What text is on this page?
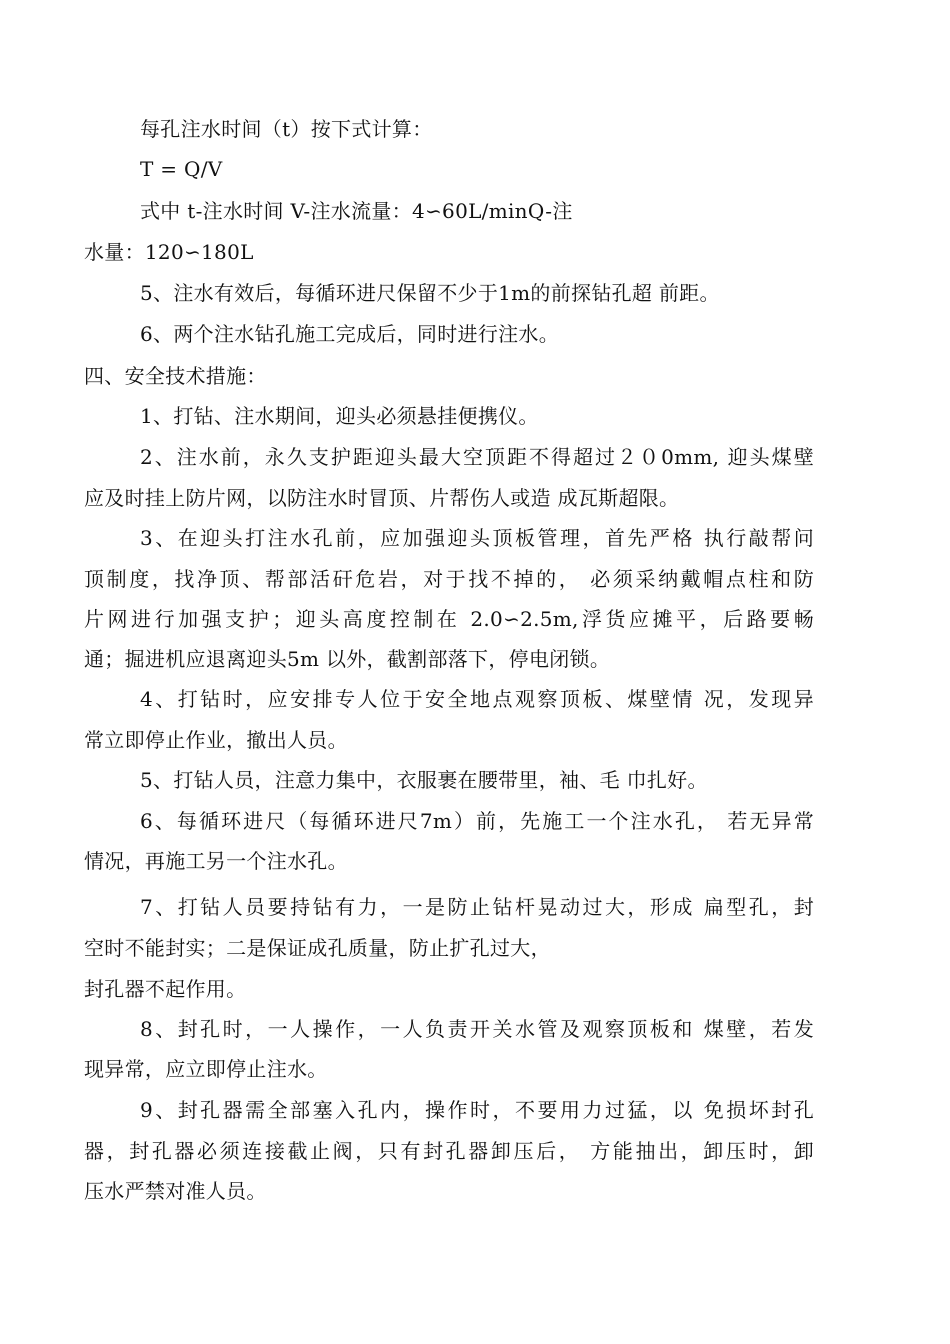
每孔注水时间（t）按下式计算：
T = Q/V
式中 t-注水时间 V-注水流量：4∽60L/minQ-注
水量：120∽180L
5、注水有效后，每循环进尺保留不少于1m的前探钻孔超 前距。
6、两个注水钻孔施工完成后，同时进行注水。
四、安全技术措施：
1、打钻、注水期间，迎头必须悬挂便携仪。
2、注水前，永久支护距迎头最大空顶距不得超过２０0mm, 迎头煤壁
应及时挂上防片网，以防注水时冒顶、片帮伤人或造 成瓦斯超限。
3、在迎头打注水孔前，应加强迎头顶板管理，首先严格 执行敲帮问
顶制度，找净顶、帮部活矸危岩，对于找不掉的， 必须采纳戴帽点柱和防
片网进行加强支护；迎头高度控制在 2.0∽2.5m,浮货应摊平，后路要畅
通；掘进机应退离迎头5m 以外，截割部落下，停电闭锁。
4、打钻时，应安排专人位于安全地点观察顶板、煤壁情 况，发现异
常立即停止作业，撤出人员。
5、打钻人员，注意力集中，衣服裹在腰带里，袖、毛 巾扎好。
6、每循环进尺（每循环进尺7m）前，先施工一个注水孔， 若无异常
情况，再施工另一个注水孔。
7、打钻人员要持钻有力，一是防止钻杆晃动过大，形成 扁型孔，封
空时不能封实；二是保证成孔质量，防止扩孔过大，
封孔器不起作用。
8、封孔时，一人操作，一人负责开关水管及观察顶板和 煤壁，若发
现异常，应立即停止注水。
9、封孔器需全部塞入孔内，操作时，不要用力过猛，以 免损坏封孔
器，封孔器必须连接截止阀，只有封孔器卸压后， 方能抽出，卸压时，卸
压水严禁对准人员。
